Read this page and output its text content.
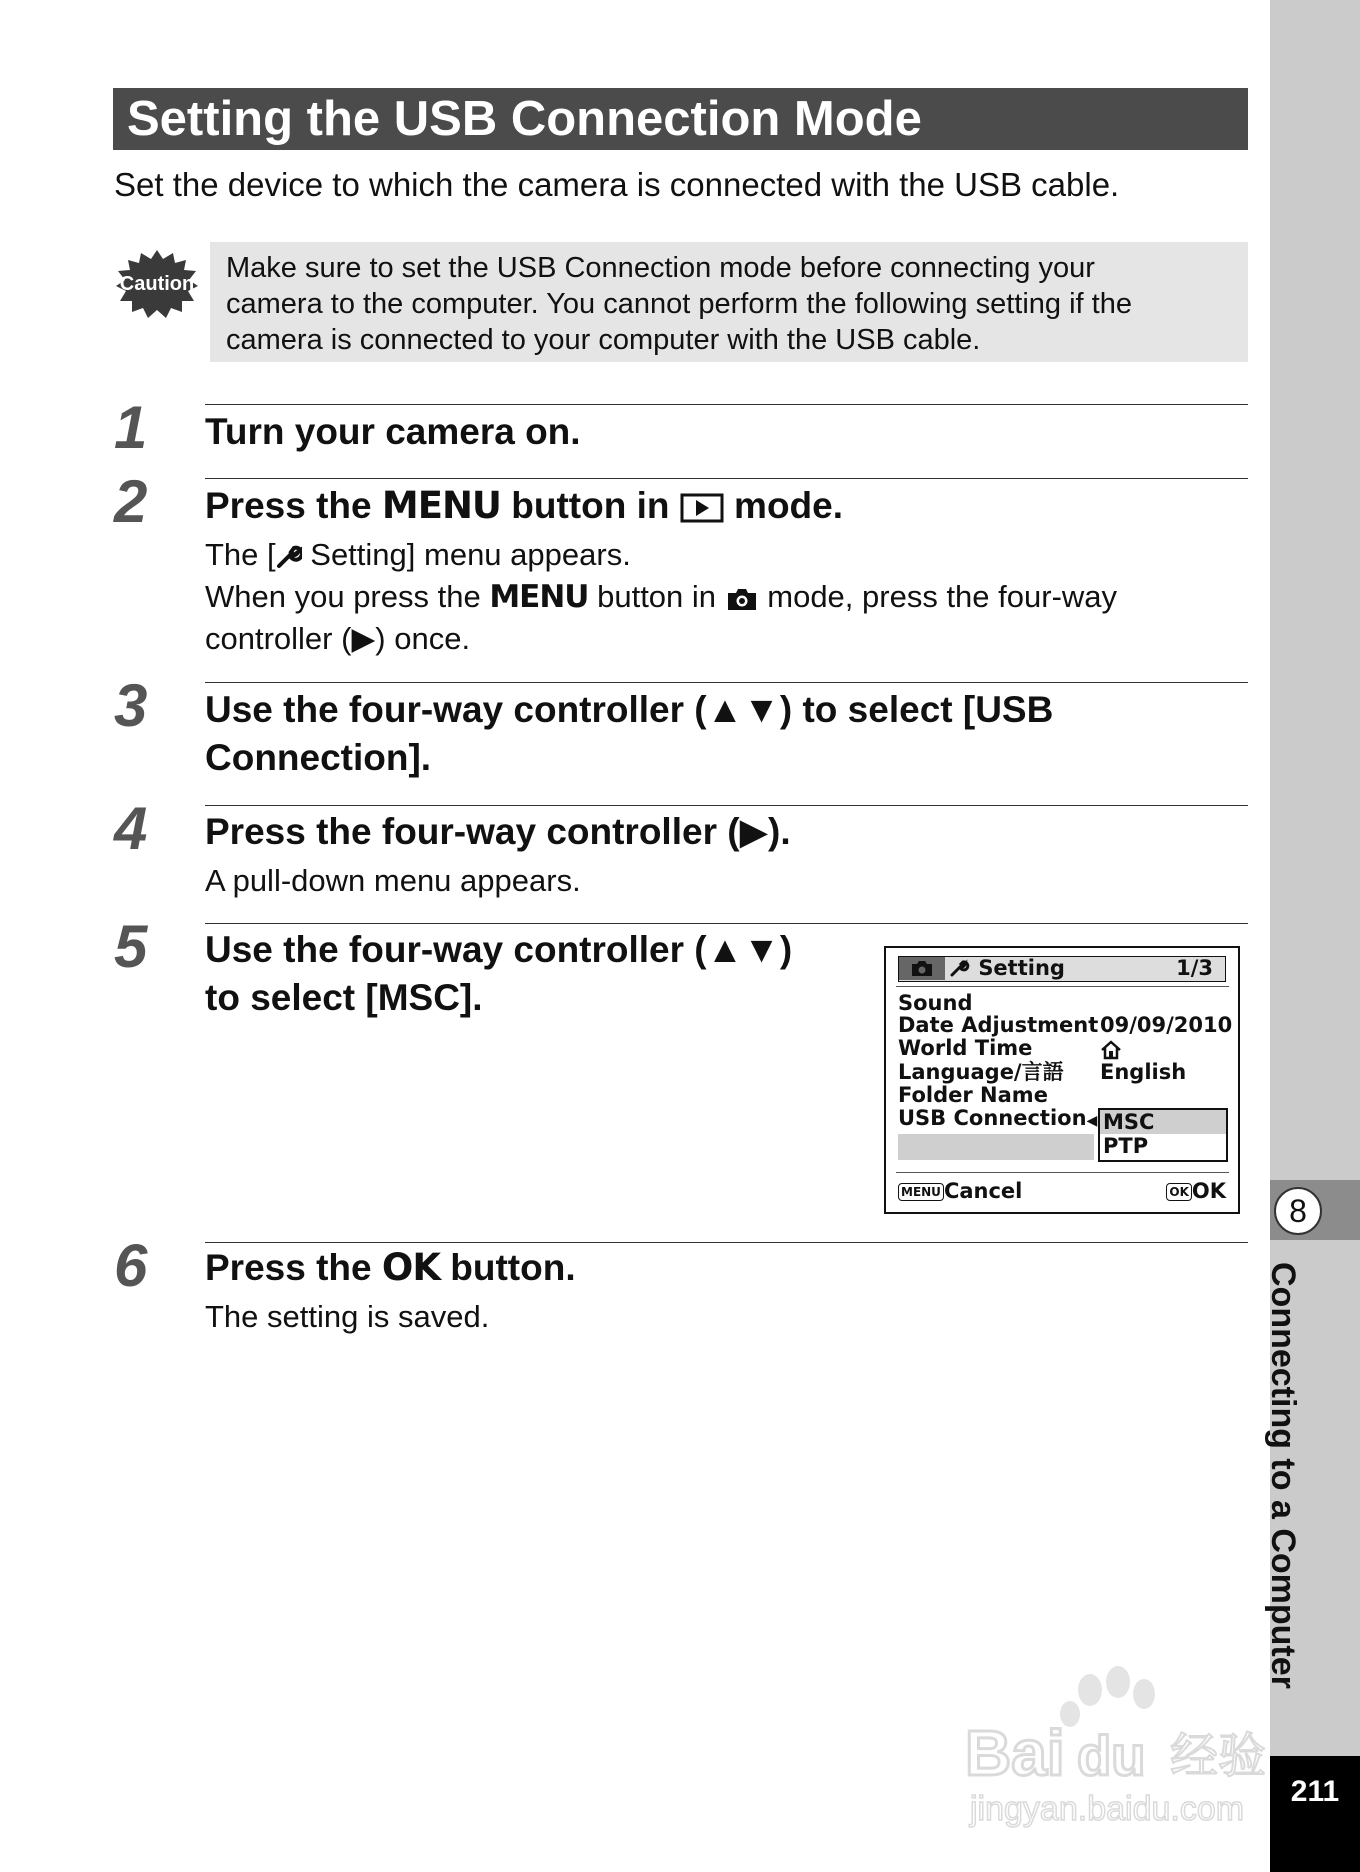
8
Connecting to a Computer
211
Setting the USB Connection Mode
Set the device to which the camera is connected with the USB cable.
Caution Make sure to set the USB Connection mode before connecting your
camera to the computer. You cannot perform the following setting if the
camera is connected to your computer with the USB cable.
1 Turn your camera on.
2 Press the MENU button in  mode.
The [ Setting] menu appears.
When you press the MENU button in  mode, press the four-way
controller (▶) once.
3 Use the four-way controller (▲▼) to select [USB
Connection].
4 Press the four-way controller (▶).
A pull-down menu appears.
5 Use the four-way controller (▲▼)
to select [MSC].
Setting	1/3
Sound
Date Adjustment 09/09/2010
World Time
Language/言語 English
Folder Name
USB Connection◀ MSC
PTP
MENU Cancel	OK OK
6 Press the OK button.
The setting is saved.
Bai du 经验
jingyan.baidu.com
